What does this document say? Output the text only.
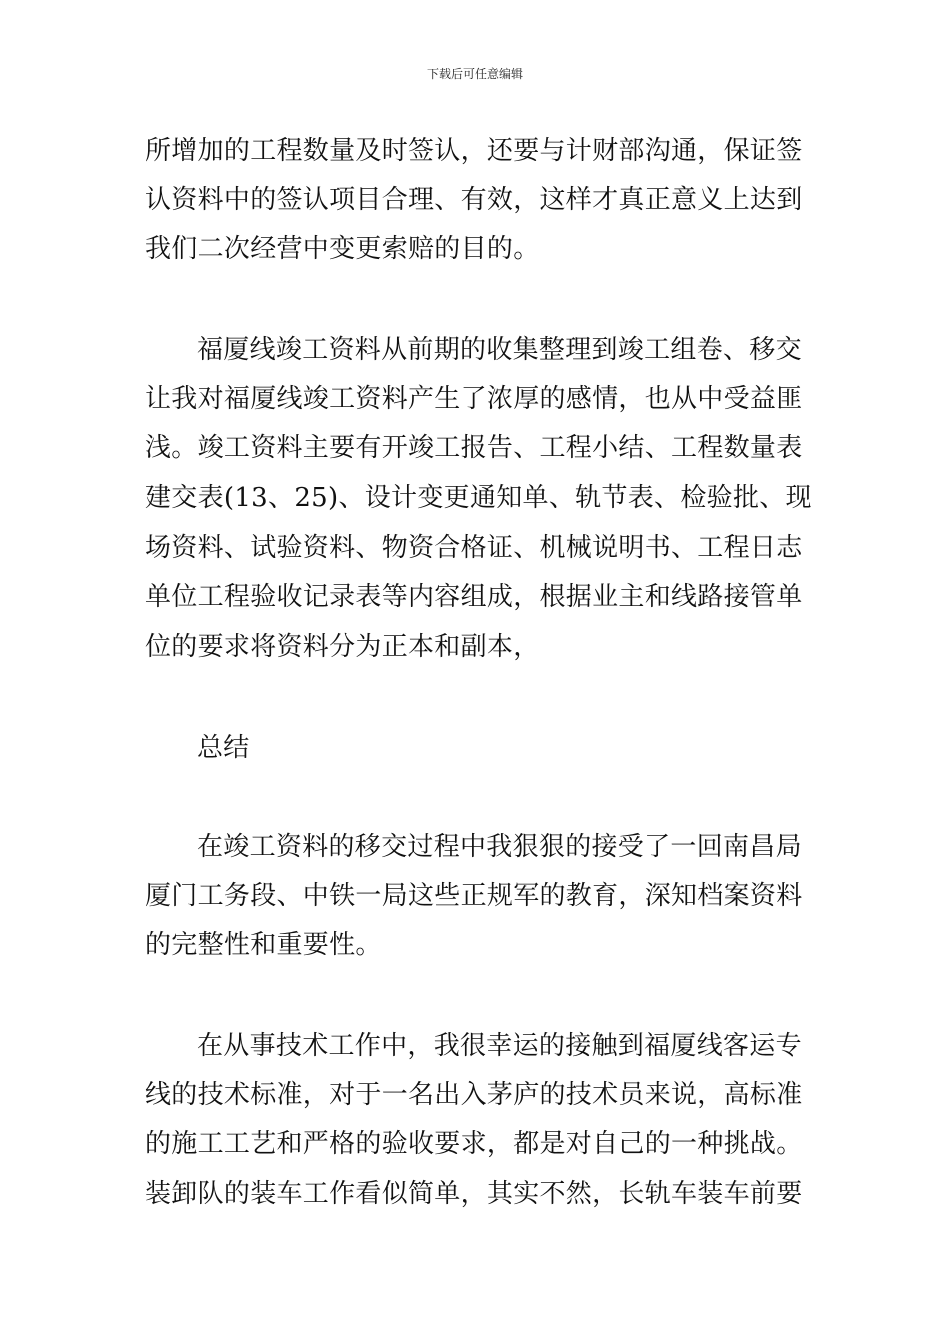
下载后可任意编辑
所增加的工程数量及时签认，还要与计财部沟通，保证签
认资料中的签认项目合理、有效，这样才真正意义上达到
我们二次经营中变更索赔的目的。
福厦线竣工资料从前期的收集整理到竣工组卷、移交
让我对福厦线竣工资料产生了浓厚的感情，也从中受益匪
浅。竣工资料主要有开竣工报告、工程小结、工程数量表
建交表(13、25)、设计变更通知单、轨节表、检验批、现
场资料、试验资料、物资合格证、机械说明书、工程日志
单位工程验收记录表等内容组成，根据业主和线路接管单
位的要求将资料分为正本和副本，
总结
在竣工资料的移交过程中我狠狠的接受了一回南昌局
厦门工务段、中铁一局这些正规军的教育，深知档案资料
的完整性和重要性。
在从事技术工作中，我很幸运的接触到福厦线客运专
线的技术标准，对于一名出入茅庐的技术员来说，高标准
的施工工艺和严格的验收要求，都是对自己的一种挑战。
装卸队的装车工作看似简单，其实不然，长轨车装车前要
